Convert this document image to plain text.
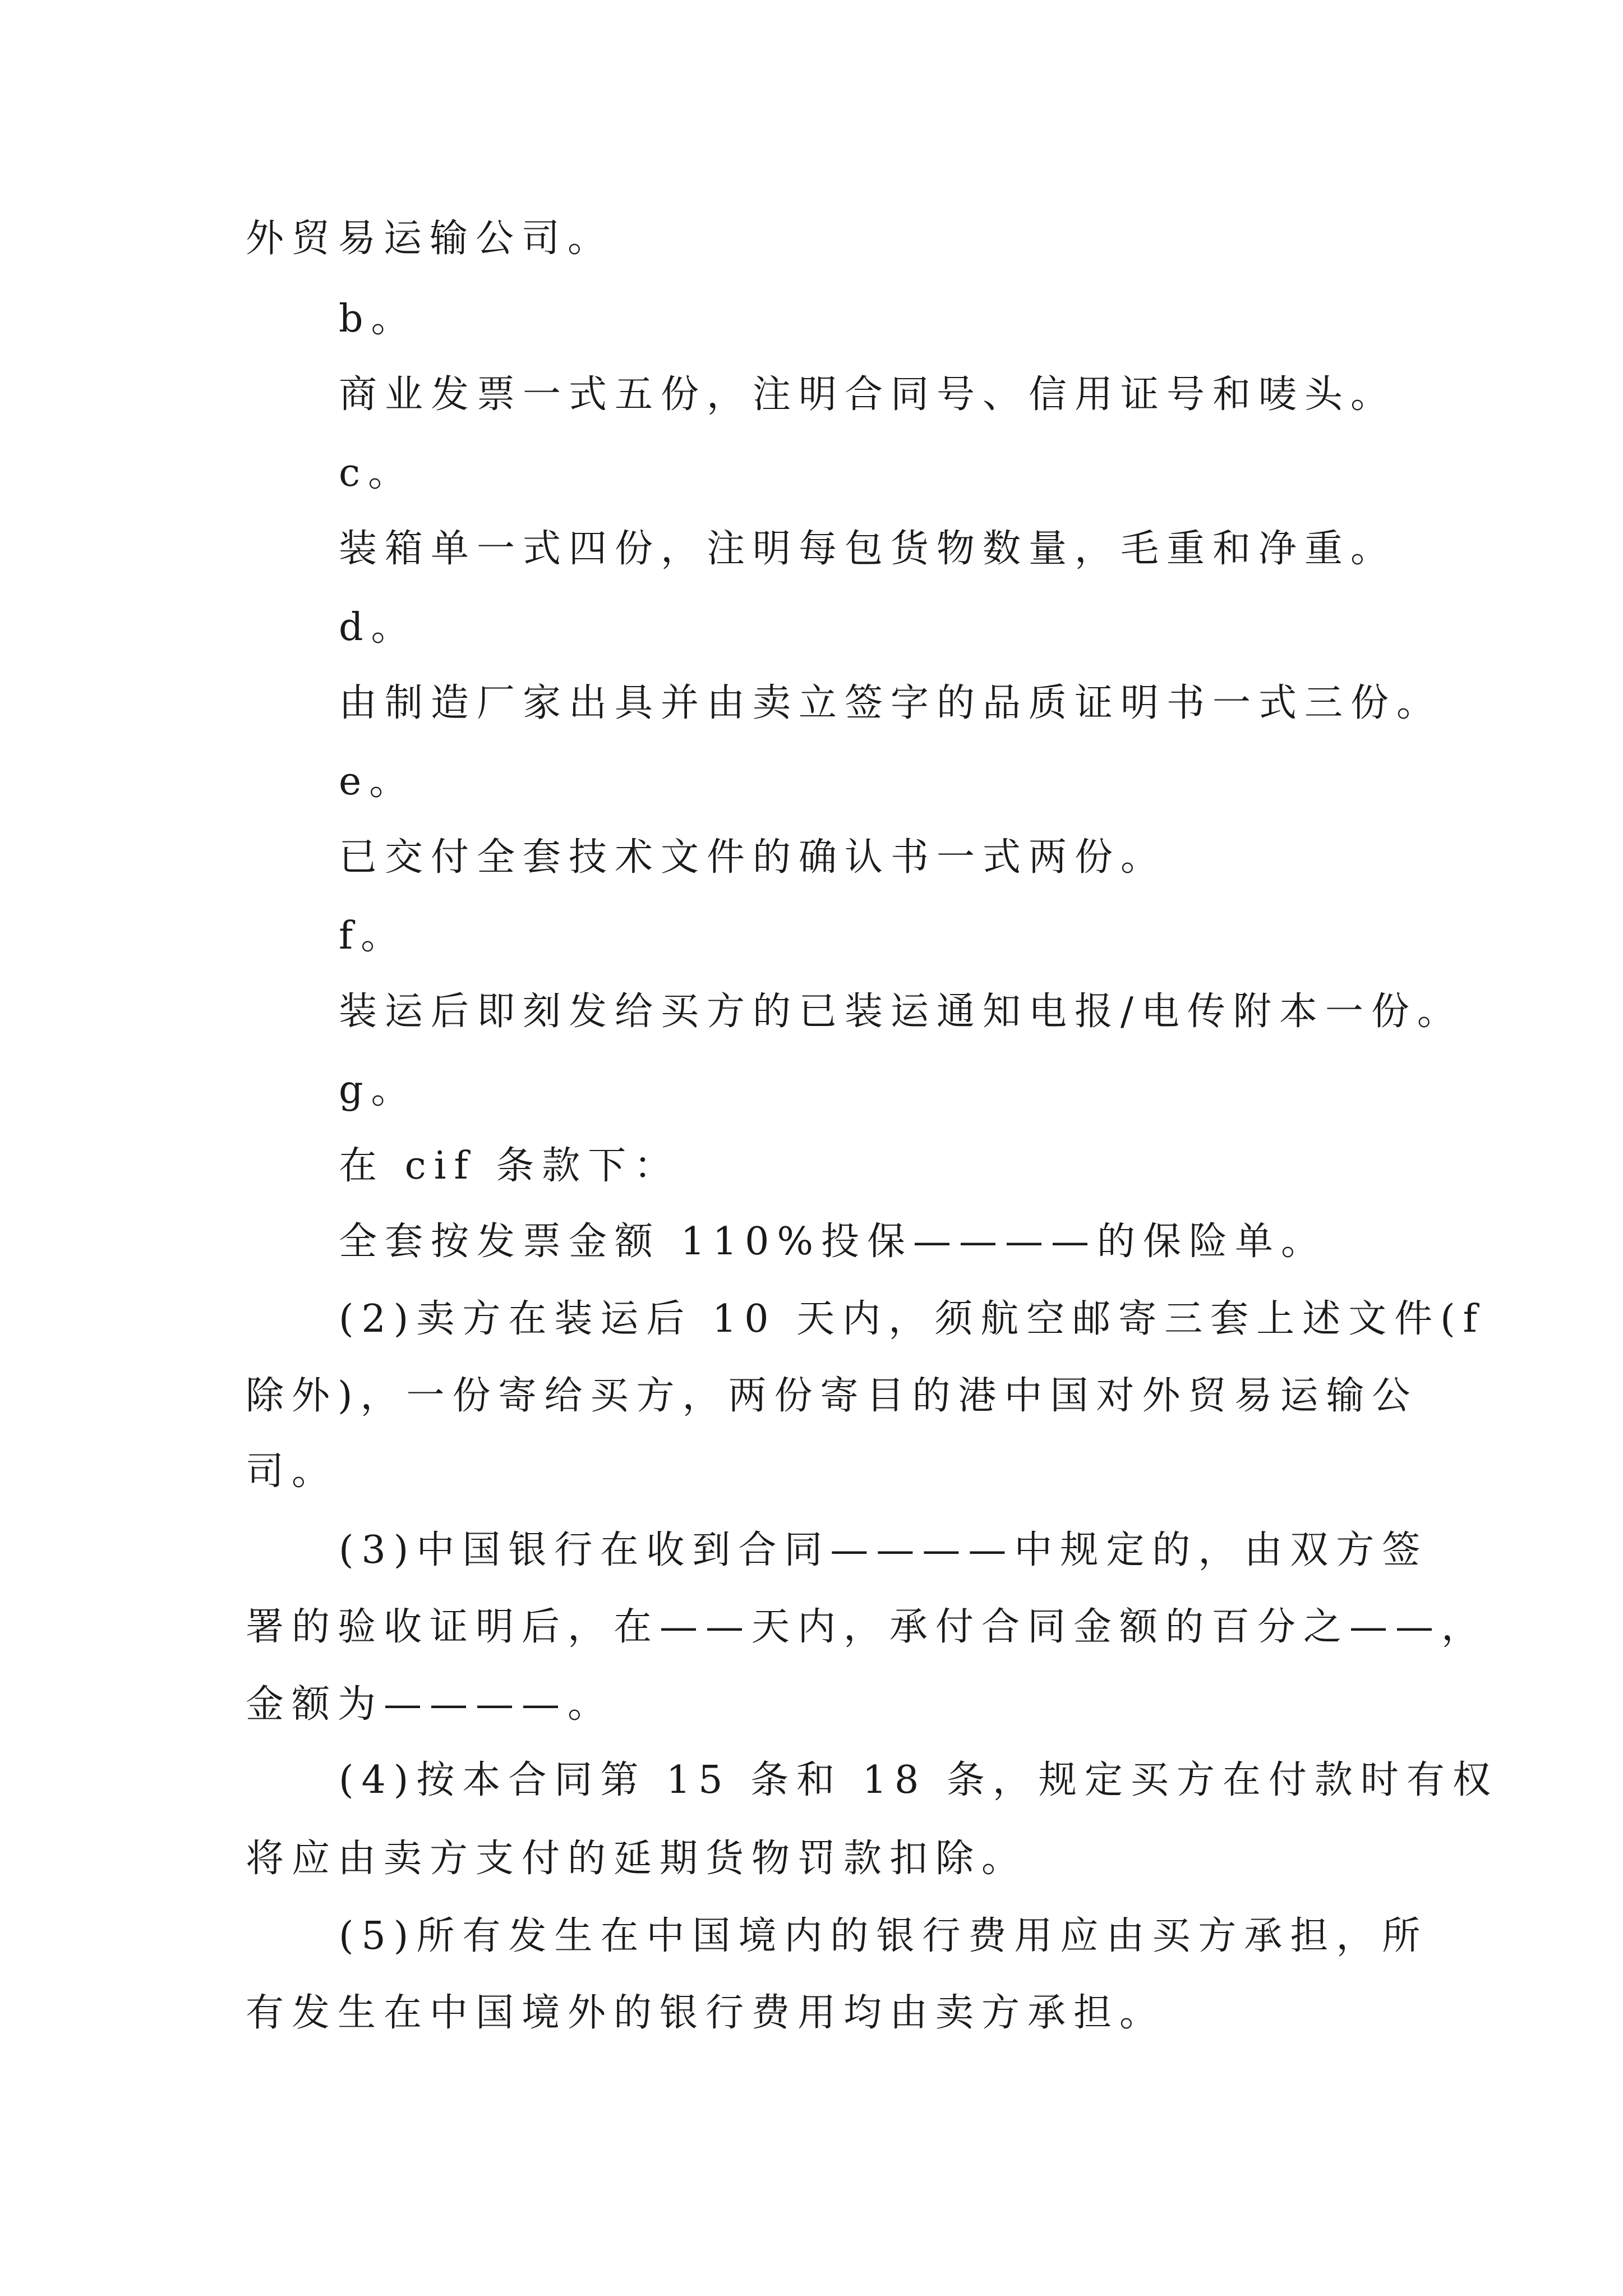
外贸易运输公司。
b。
商业发票一式五份，注明合同号、信用证号和唛头。
c。
装箱单一式四份，注明每包货物数量，毛重和净重。
d。
由制造厂家出具并由卖立签字的品质证明书一式三份。
e。
已交付全套技术文件的确认书一式两份。
f。
装运后即刻发给买方的已装运通知电报/电传附本一份。
g。
在 cif 条款下：
全套按发票金额 110%投保————的保险单。
(2)卖方在装运后 10 天内，须航空邮寄三套上述文件(f
除外)，一份寄给买方，两份寄目的港中国对外贸易运输公
司。
(3)中国银行在收到合同————中规定的，由双方签
署的验收证明后，在——天内，承付合同金额的百分之——，
金额为————。
(4)按本合同第 15 条和 18 条，规定买方在付款时有权
将应由卖方支付的延期货物罚款扣除。
(5)所有发生在中国境内的银行费用应由买方承担，所
有发生在中国境外的银行费用均由卖方承担。
